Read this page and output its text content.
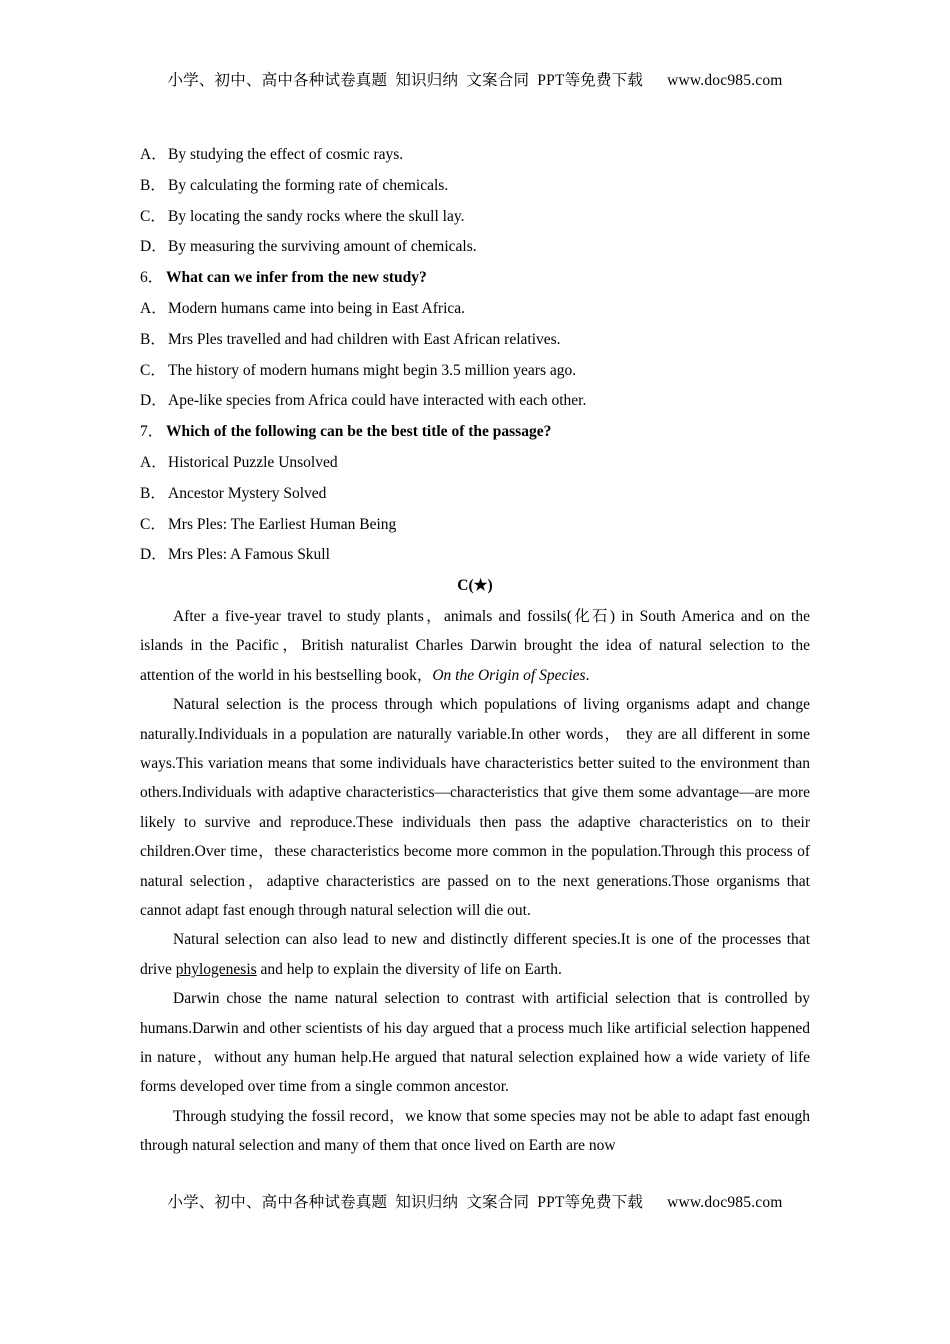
小学、初中、高中各种试卷真题  知识归纳  文案合同  PPT等免费下载 www.doc985.com
A．By studying the effect of cosmic rays.
B． By calculating the forming rate of chemicals.
C． By locating the sandy rocks where the skull lay.
D．By measuring the surviving amount of chemicals.
6． What can we infer from the new study?
A．Modern humans came into being in East Africa.
B． Mrs Ples travelled and had children with East African relatives.
C． The history of modern humans might begin 3.5 million years ago.
D．Ape-like species from Africa could have interacted with each other.
7． Which of the following can be the best title of the passage?
A．Historical Puzzle Unsolved
B． Ancestor Mystery Solved
C． Mrs Ples: The Earliest Human Being
D．Mrs Ples: A Famous Skull
C(★)

After a five-year travel to study plants，animals and fossils(化石) in South America and on the islands in the Pacific，British naturalist Charles Darwin brought the idea of natural selection to the attention of the world in his bestselling book，On the Origin of Species.

Natural selection is the process through which populations of living organisms adapt and change naturally.Individuals in a population are naturally variable.In other words， they are all different in some ways.This variation means that some individuals have characteristics better suited to the environment than others.Individuals with adaptive characteristics—characteristics that give them some advantage—are more likely to survive and reproduce.These individuals then pass the adaptive characteristics on to their children.Over time，these characteristics become more common in the population.Through this process of natural selection，adaptive characteristics are passed on to the next generations.Those organisms that cannot adapt fast enough through natural selection will die out.

Natural selection can also lead to new and distinctly different species.It is one of the processes that drive phylogenesis and help to explain the diversity of life on Earth.

Darwin chose the name natural selection to contrast with artificial selection that is controlled by humans.Darwin and other scientists of his day argued that a process much like artificial selection happened in nature，without any human help.He argued that natural selection explained how a wide variety of life forms developed over time from a single common ancestor.

Through studying the fossil record，we know that some species may not be able to adapt fast enough through natural selection and many of them that once lived on Earth are now

小学、初中、高中各种试卷真题  知识归纳  文案合同  PPT等免费下载 www.doc985.com
